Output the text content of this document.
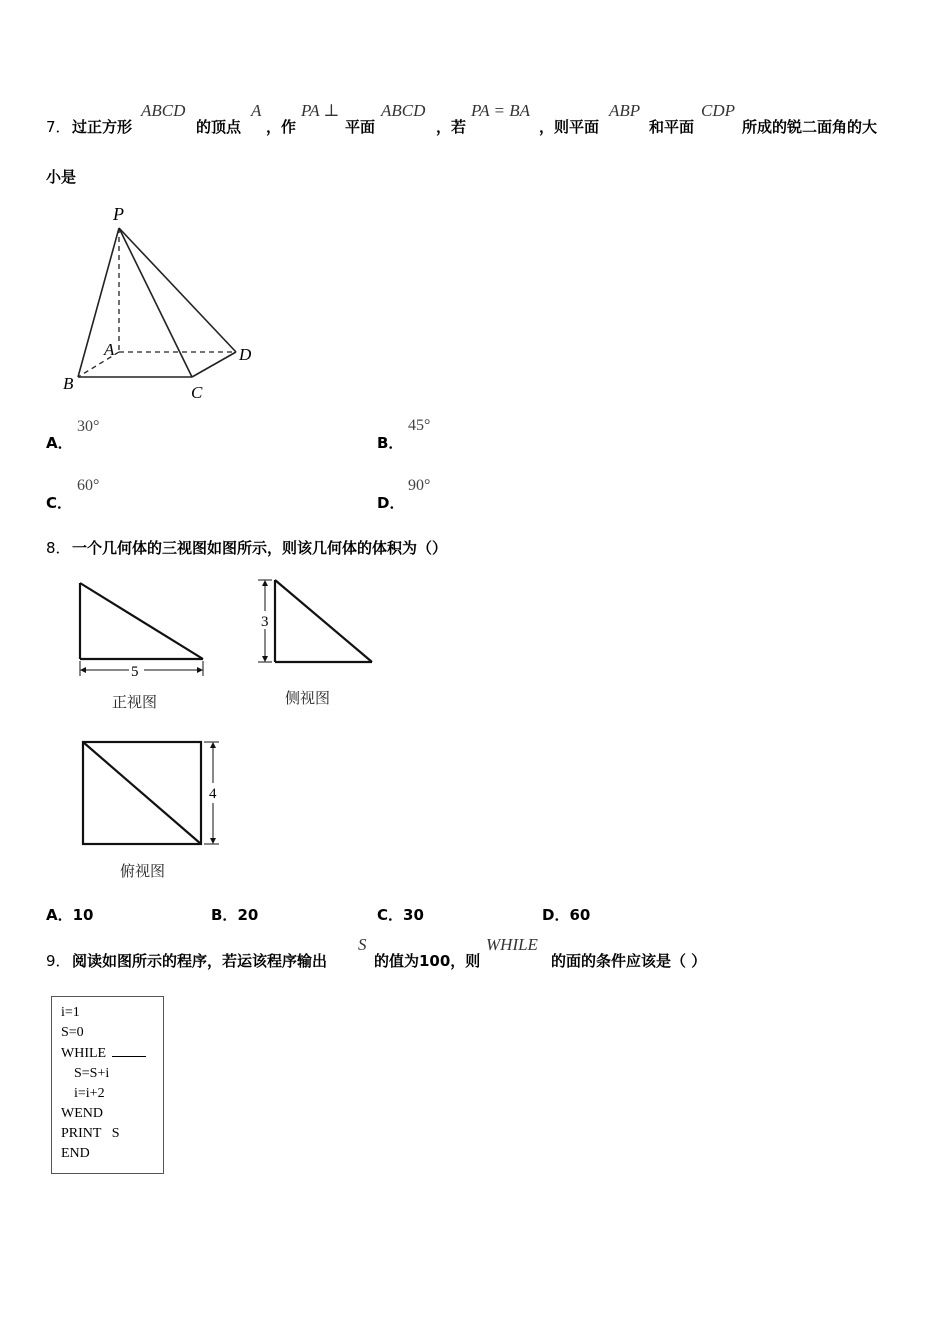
7． 过正方形
ABCD
的顶点
A
，作
PA ⊥
平面
ABCD
，若
PA = BA
，则平面
ABP
和平面
CDP
所成的锐二面角的大
小是
P
A
B	C
D
A．
30°
B．
45°
C．
60°
D．
90°
8． 一个几何体的三视图如图所示，则该几何体的体积为（）
5
正视图
3
侧视图
4
俯视图
A．10	B．20	C．30	D．60
9． 阅读如图所示的程序，若运该程序输出
S
的值为100，则
WHILE
的面的条件应该是（ ）
i=1
S=0
WHILE
S=S+i
i=i+2
WEND
PRINT   S
END
